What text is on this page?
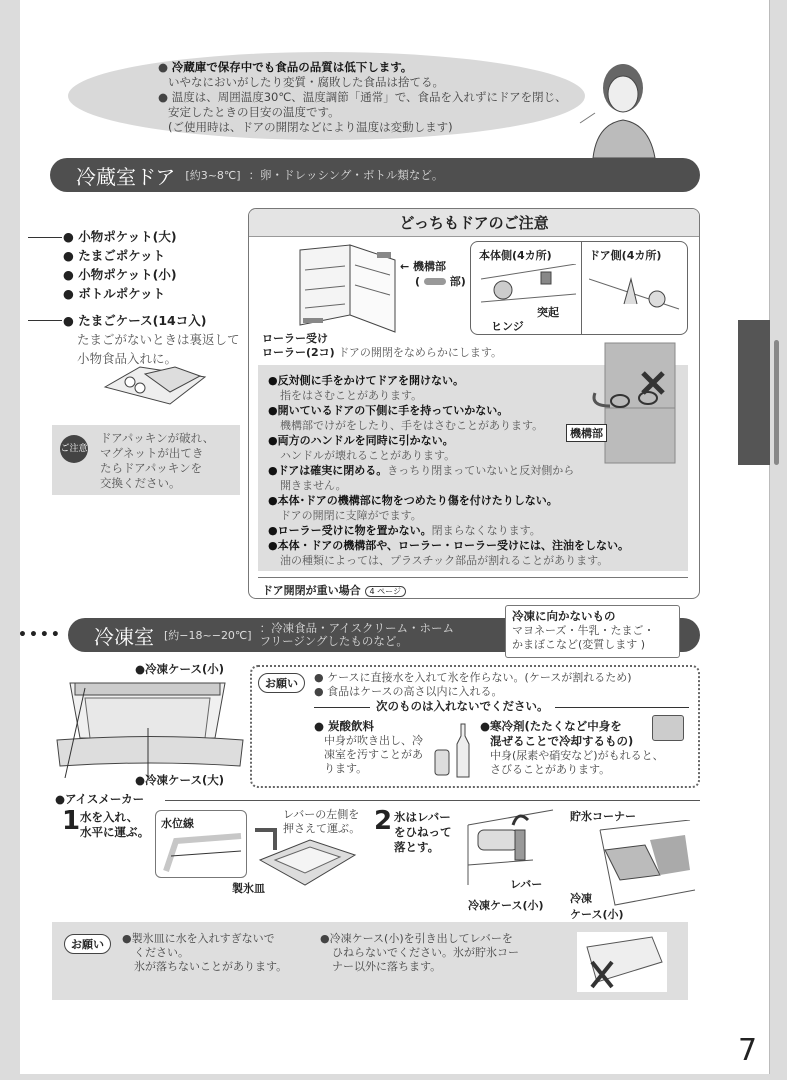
● 冷蔵庫で保存中でも食品の品質は低下します。
いやなにおいがしたり変質・腐敗した食品は捨てる。
● 温度は、周囲温度30℃、温度調節「通常」で、食品を入れずにドアを閉じ、
安定したときの目安の温度です。
(ご使用時は、ドアの開閉などにより温度は変動します)
冷蔵室ドア [約3~8℃] ：卵・ドレッシング・ボトル類など。
● 小物ポケット(大)
● たまごポケット
● 小物ポケット(小)
● ボトルポケット
● たまごケース(14コ入)
たまごがないときは裏返して
小物食品入れに。
ご注意
ドアパッキンが破れ、
マグネットが出てき
たらドアパッキンを
交換ください。
どっちもドアのご注意
← 機構部
(  部)
本体側(4カ所)	ドア側(4カ所)
ヒンジ
突起
ローラー受け
ローラー(2コ) ドアの開閉をなめらかにします。
●反対側に手をかけてドアを開けない。
指をはさむことがあります。
●開いているドアの下側に手を持っていかない。
機構部でけがをしたり、手をはさむことがあります。
●両方のハンドルを同時に引かない。
ハンドルが壊れることがあります。
●ドアは確実に閉める。きっちり閉まっていないと反対側から
開きません。
●本体･ドアの機構部に物をつめたり傷を付けたりしない。
ドアの開閉に支障がでます。
●ローラー受けに物を置かない。閉まらなくなります。
●本体・ドアの機構部や、ローラー・ローラー受けには、注油をしない。
油の種類によっては、プラスチック部品が割れることがあります。
機構部
ドア開閉が重い場合 4 ページ
•••• 冷凍室 [約−18~−20℃]
：冷凍食品・アイスクリーム・ホーム
フリージングしたものなど。
冷凍に向かないもの
マヨネーズ・牛乳・たまご・
かまぼこなど(変質します )
●冷凍ケース(小)
●冷凍ケース(大)
お願い	● ケースに直接水を入れて氷を作らない。(ケースが割れるため)
● 食品はケースの高さ以内に入れる。
次のものは入れないでください。
● 炭酸飲料
中身が吹き出し、冷
凍室を汚すことがあ
ります。
●寒冷剤(たたくなど中身を
混ぜることで冷却するもの)
中身(尿素や硝安など)がもれると、
さびることがあります。
●アイスメーカー
1 水を入れ、
水平に運ぶ。
水位線
レバーの左側を
押さえて運ぶ。
製氷皿
2 氷はレバー
をひねって
落とす。
レバー
冷凍ケース(小)
貯氷コーナー
冷凍
ケース(小)
お願い	●製氷皿に水を入れすぎないで
ください。
氷が落ちないことがあります。
●冷凍ケース(小)を引き出してレバーを
ひねらないでください。氷が貯氷コー
ナー以外に落ちます。
7
